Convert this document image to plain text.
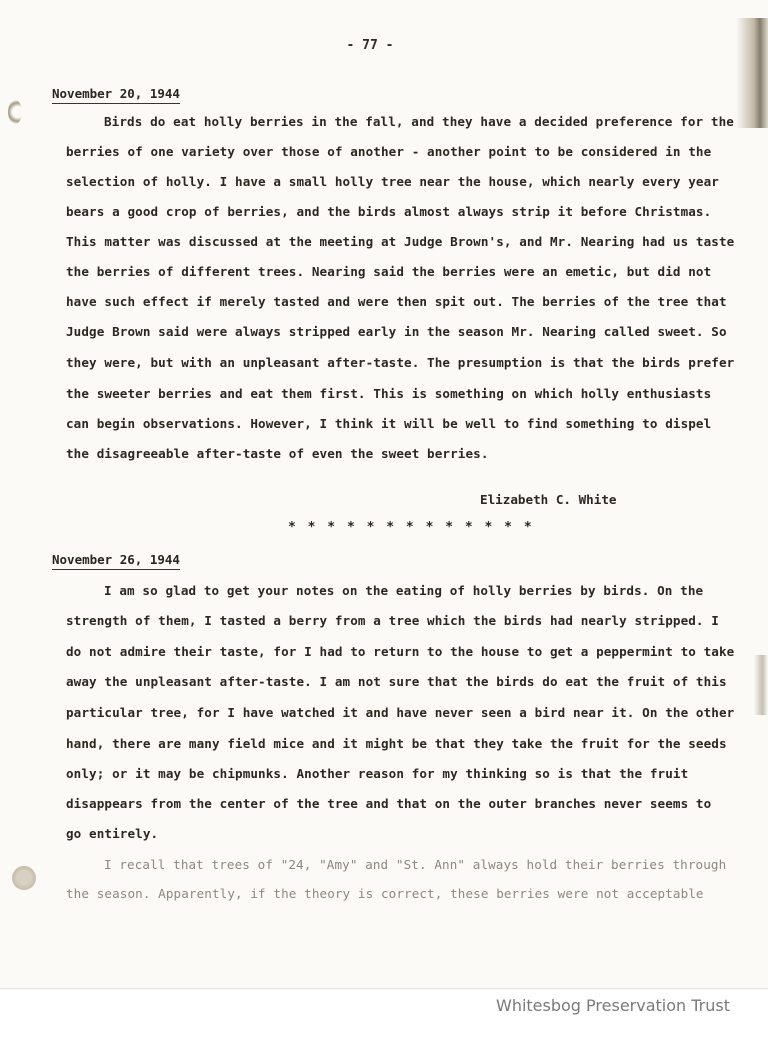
- 77 -
November 20, 1944
Birds do eat holly berries in the fall, and they have a decided preference for the
berries of one variety over those of another - another point to be considered in the
selection of holly. I have a small holly tree near the house, which nearly every year
bears a good crop of berries, and the birds almost always strip it before Christmas.
This matter was discussed at the meeting at Judge Brown's, and Mr. Nearing had us taste
the berries of different trees. Nearing said the berries were an emetic, but did not
have such effect if merely tasted and were then spit out. The berries of the tree that
Judge Brown said were always stripped early in the season Mr. Nearing called sweet. So
they were, but with an unpleasant after-taste. The presumption is that the birds prefer
the sweeter berries and eat them first. This is something on which holly enthusiasts
can begin observations. However, I think it will be well to find something to dispel
the disagreeable after-taste of even the sweet berries.
Elizabeth C. White
* * * * * * * * * * * * *
November 26, 1944
I am so glad to get your notes on the eating of holly berries by birds. On the
strength of them, I tasted a berry from a tree which the birds had nearly stripped. I
do not admire their taste, for I had to return to the house to get a peppermint to take
away the unpleasant after-taste. I am not sure that the birds do eat the fruit of this
particular tree, for I have watched it and have never seen a bird near it. On the other
hand, there are many field mice and it might be that they take the fruit for the seeds
only; or it may be chipmunks. Another reason for my thinking so is that the fruit
disappears from the center of the tree and that on the outer branches never seems to
go entirely.
I recall that trees of "24, "Amy" and "St. Ann" always hold their berries through
the season. Apparently, if the theory is correct, these berries were not acceptable
Whitesbog Preservation Trust
